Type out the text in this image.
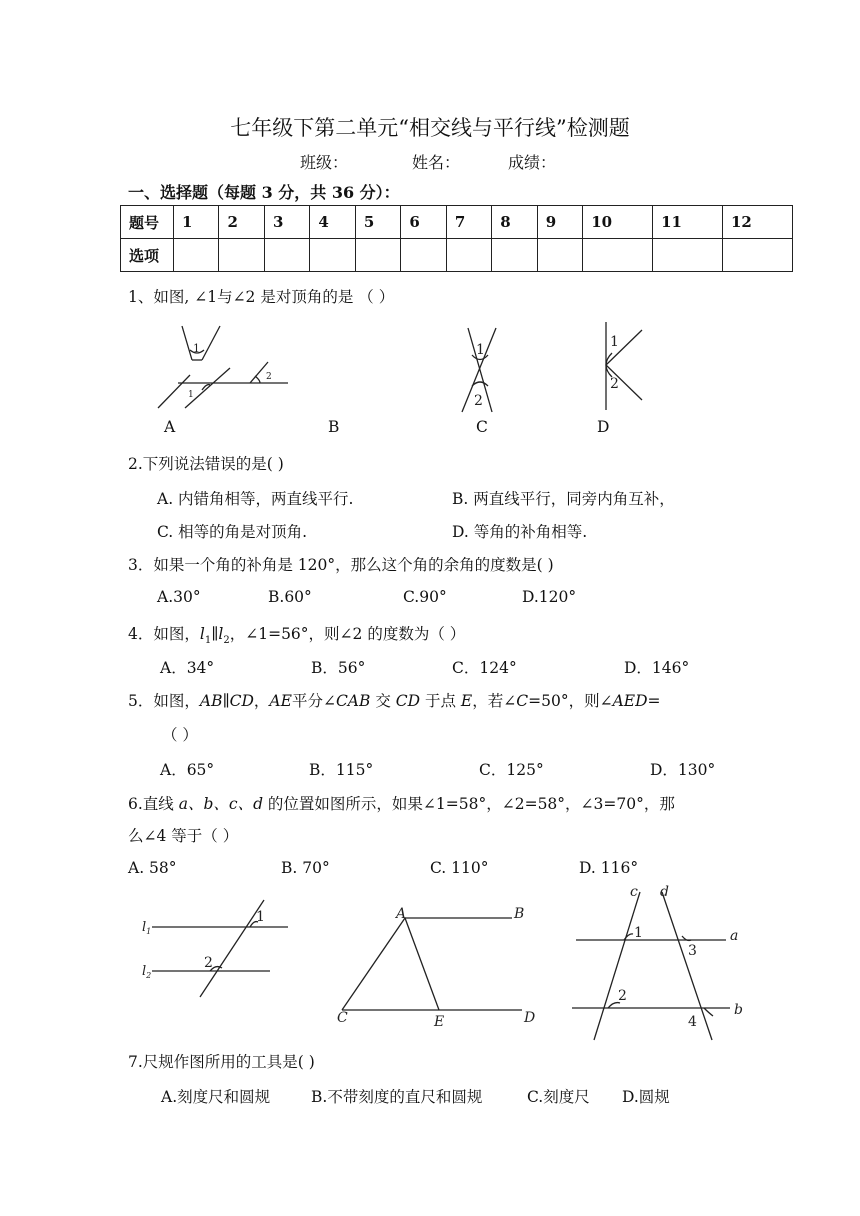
七年级下第二单元“相交线与平行线”检测题
班级：	姓名：	成绩：
一、选择题（每题 3 分，共 36 分）：
题号	1	2	3	4	5	6	7	8	9	10	11	12
选项												
1、如图, ∠1与∠2 是对顶角的是 （ ）
1
1
2
1
2
1
2
A	B	C	D
2.下列说法错误的是( )
A. 内错角相等，两直线平行.	B. 两直线平行，同旁内角互补，
C. 相等的角是对顶角.	D. 等角的补角相等.
3．如果一个角的补角是 120°，那么这个角的余角的度数是( )
A.30°	B.60°	C.90°	D.120°
4．如图，$l_1\parallel l_2$，∠1=56°，则∠2 的度数为（ ）
A．34°	B．56°	C．124°	D．146°
5．如图，AB∥CD，AE平分∠CAB 交 CD 于点 E，若∠C=50°，则∠AED=
（ ）
A．65°	B．115°	C．125°	D．130°
6.直线 a、b、c、d 的位置如图所示，如果∠1=58°，∠2=58°，∠3=70°，那
么∠4 等于（ ）
A. 58°	B. 70°	C. 110°	D. 116°
$l_1$
$l_2$
1
2
A	B
C	E	D
c d
a
b
1
2
3
4
7.尺规作图所用的工具是( )
A.刻度尺和圆规	B.不带刻度的直尺和圆规	C.刻度尺 D.圆规
